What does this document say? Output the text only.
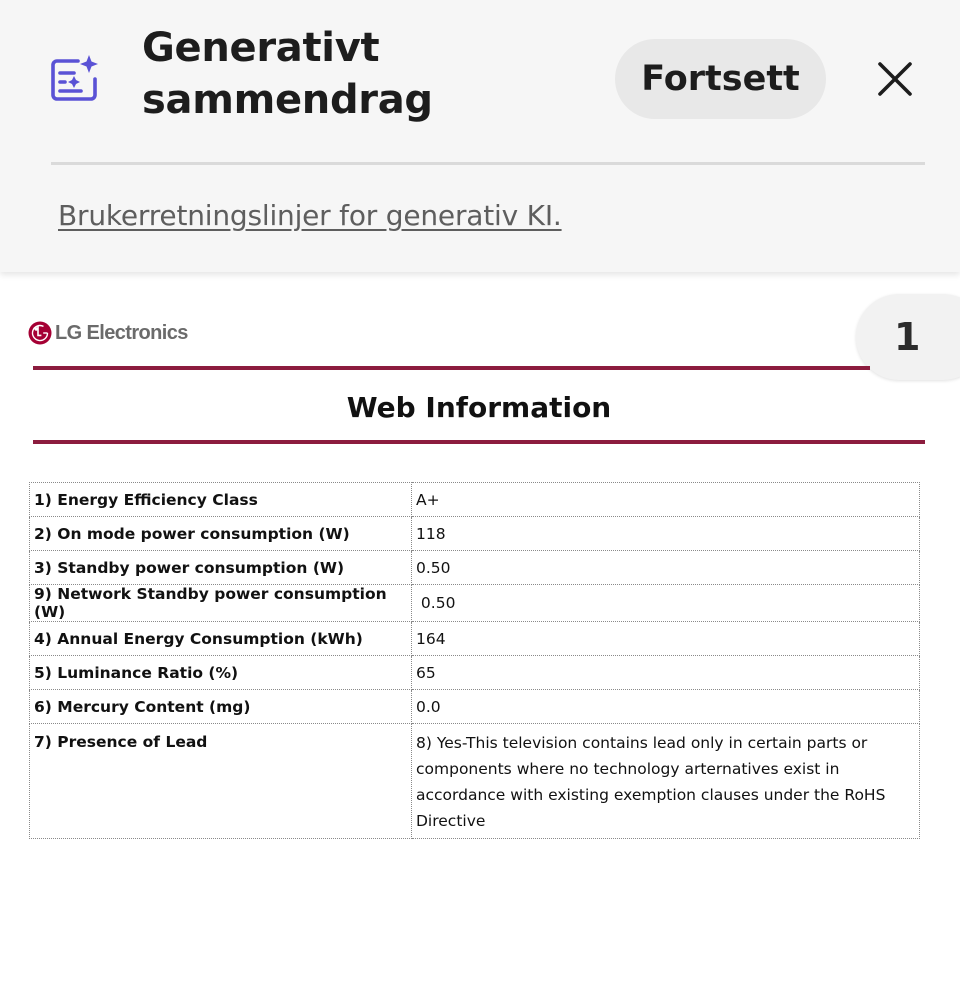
Generativt sammendrag	Fortsett
Brukerretningslinjer for generativ KI.
LG Electronics	1
Web Information
1) Energy Efficiency Class	A+
2) On mode power consumption (W)	118
3) Standby power consumption (W)	0.50
9) Network Standby power consumption (W)	0.50
4) Annual Energy Consumption (kWh)	164
5) Luminance Ratio (%)	65
6) Mercury Content (mg)	0.0
7) Presence of Lead	8) Yes-This television contains lead only in certain parts or components where no technology arternatives exist in accordance with existing exemption clauses under the RoHS Directive
